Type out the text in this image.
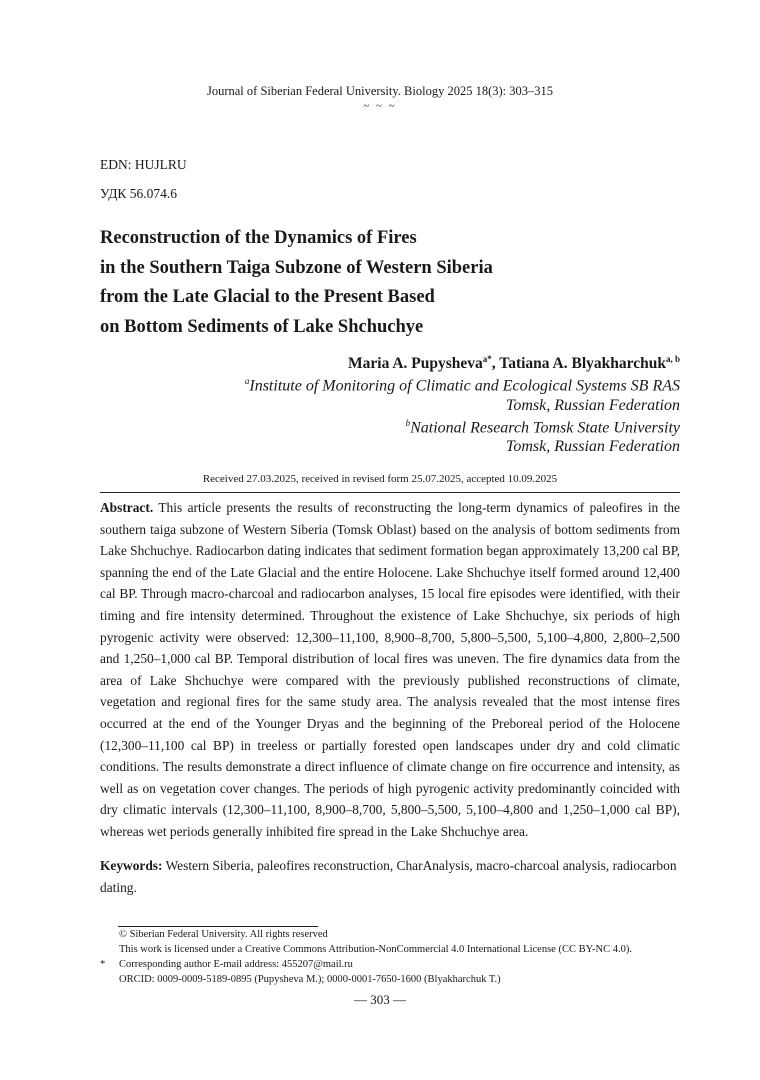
Journal of Siberian Federal University. Biology 2025 18(3): 303–315
~ ~ ~
EDN: HUJLRU
УДК 56.074.6
Reconstruction of the Dynamics of Fires
in the Southern Taiga Subzone of Western Siberia
from the Late Glacial to the Present Based
on Bottom Sediments of Lake Shchuchye
Maria A. Pupysheva$^{a*}$, Tatiana A. Blyakharchuk$^{a, b}$
$^a$Institute of Monitoring of Climatic and Ecological Systems SB RAS
Tomsk, Russian Federation
$^b$National Research Tomsk State University
Tomsk, Russian Federation
Received 27.03.2025, received in revised form 25.07.2025, accepted 10.09.2025
Abstract. This article presents the results of reconstructing the long-term dynamics of paleofires in the southern taiga subzone of Western Siberia (Tomsk Oblast) based on the analysis of bottom sediments from Lake Shchuchye. Radiocarbon dating indicates that sediment formation began approximately 13,200 cal BP, spanning the end of the Late Glacial and the entire Holocene. Lake Shchuchye itself formed around 12,400 cal BP. Through macro-charcoal and radiocarbon analyses, 15 local fire episodes were identified, with their timing and fire intensity determined. Throughout the existence of Lake Shchuchye, six periods of high pyrogenic activity were observed: 12,300–11,100, 8,900–8,700, 5,800–5,500, 5,100–4,800, 2,800–2,500 and 1,250–1,000 cal BP. Temporal distribution of local fires was uneven. The fire dynamics data from the area of Lake Shchuchye were compared with the previously published reconstructions of climate, vegetation and regional fires for the same study area. The analysis revealed that the most intense fires occurred at the end of the Younger Dryas and the beginning of the Preboreal period of the Holocene (12,300–11,100 cal BP) in treeless or partially forested open landscapes under dry and cold climatic conditions. The results demonstrate a direct influence of climate change on fire occurrence and intensity, as well as on vegetation cover changes. The periods of high pyrogenic activity predominantly coincided with dry climatic intervals (12,300–11,100, 8,900–8,700, 5,800–5,500, 5,100–4,800 and 1,250–1,000 cal BP), whereas wet periods generally inhibited fire spread in the Lake Shchuchye area.
Keywords: Western Siberia, paleofires reconstruction, CharAnalysis, macro-charcoal analysis, radiocarbon dating.
© Siberian Federal University. All rights reserved
This work is licensed under a Creative Commons Attribution-NonCommercial 4.0 International License (CC BY-NC 4.0).
* Corresponding author E-mail address: 455207@mail.ru
ORCID: 0009-0009-5189-0895 (Pupysheva M.); 0000-0001-7650-1600 (Blyakharchuk T.)
— 303 —
